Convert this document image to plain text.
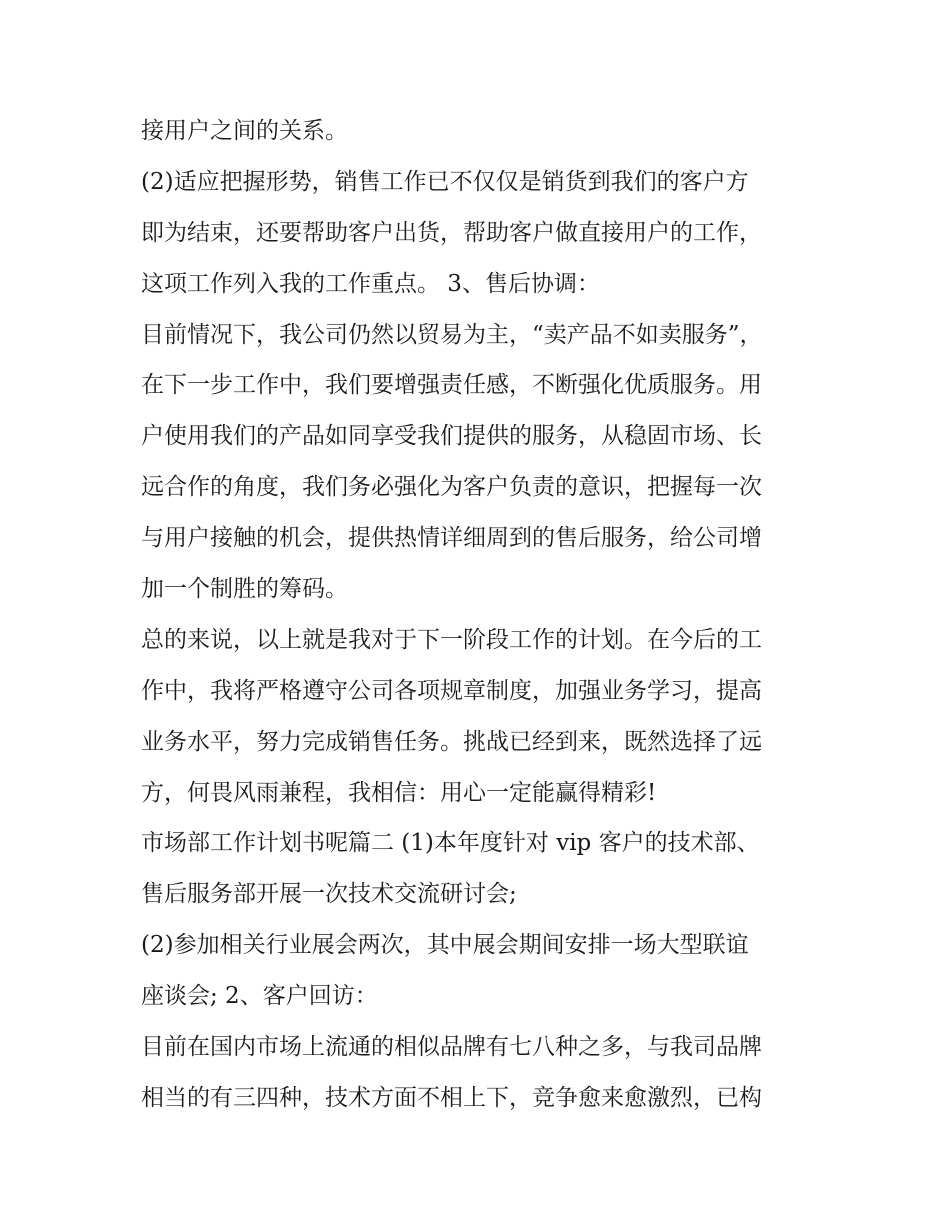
接用户之间的关系。
(2)适应把握形势，销售工作已不仅仅是销货到我们的客户方
即为结束，还要帮助客户出货，帮助客户做直接用户的工作，
这项工作列入我的工作重点。 3、售后协调：
目前情况下，我公司仍然以贸易为主，“卖产品不如卖服务”，
在下一步工作中，我们要增强责任感，不断强化优质服务。用
户使用我们的产品如同享受我们提供的服务，从稳固市场、长
远合作的角度，我们务必强化为客户负责的意识，把握每一次
与用户接触的机会，提供热情详细周到的售后服务，给公司增
加一个制胜的筹码。
总的来说，以上就是我对于下一阶段工作的计划。在今后的工
作中，我将严格遵守公司各项规章制度，加强业务学习，提高
业务水平，努力完成销售任务。挑战已经到来，既然选择了远
方，何畏风雨兼程，我相信：用心一定能赢得精彩!
市场部工作计划书呢篇二 (1)本年度针对 vip 客户的技术部、
售后服务部开展一次技术交流研讨会;
(2)参加相关行业展会两次，其中展会期间安排一场大型联谊
座谈会; 2、客户回访：
目前在国内市场上流通的相似品牌有七八种之多，与我司品牌
相当的有三四种，技术方面不相上下，竞争愈来愈激烈，已构
